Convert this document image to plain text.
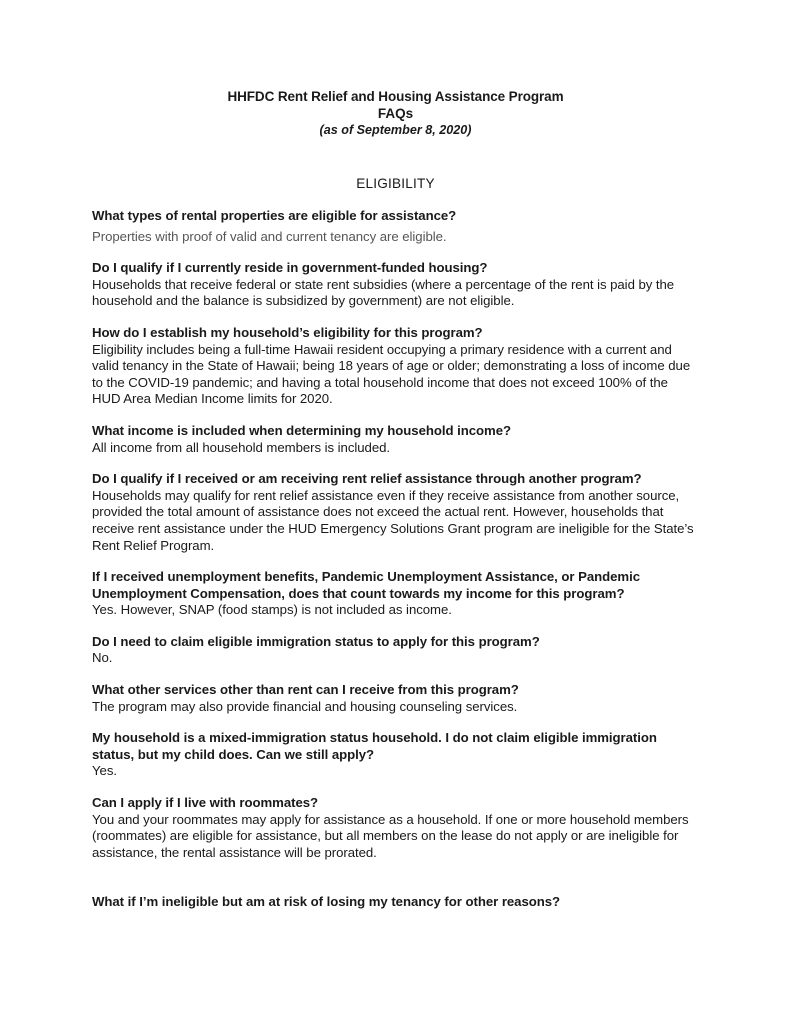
HHFDC Rent Relief and Housing Assistance Program
FAQs
(as of September 8, 2020)
ELIGIBILITY
What types of rental properties are eligible for assistance?
Properties with proof of valid and current tenancy are eligible.
Do I qualify if I currently reside in government-funded housing?
Households that receive federal or state rent subsidies (where a percentage of the rent is paid by the household and the balance is subsidized by government) are not eligible.
How do I establish my household’s eligibility for this program?
Eligibility includes being a full-time Hawaii resident occupying a primary residence with a current and valid tenancy in the State of Hawaii; being 18 years of age or older; demonstrating a loss of income due to the COVID-19 pandemic; and having a total household income that does not exceed 100% of the HUD Area Median Income limits for 2020.
What income is included when determining my household income?
All income from all household members is included.
Do I qualify if I received or am receiving rent relief assistance through another program?
Households may qualify for rent relief assistance even if they receive assistance from another source, provided the total amount of assistance does not exceed the actual rent. However, households that receive rent assistance under the HUD Emergency Solutions Grant program are ineligible for the State’s Rent Relief Program.
If I received unemployment benefits, Pandemic Unemployment Assistance, or Pandemic Unemployment Compensation, does that count towards my income for this program?
Yes. However, SNAP (food stamps) is not included as income.
Do I need to claim eligible immigration status to apply for this program?
No.
What other services other than rent can I receive from this program?
The program may also provide financial and housing counseling services.
My household is a mixed-immigration status household. I do not claim eligible immigration status, but my child does. Can we still apply?
Yes.
Can I apply if I live with roommates?
You and your roommates may apply for assistance as a household. If one or more household members (roommates) are eligible for assistance, but all members on the lease do not apply or are ineligible for assistance, the rental assistance will be prorated.
What if I’m ineligible but am at risk of losing my tenancy for other reasons?
